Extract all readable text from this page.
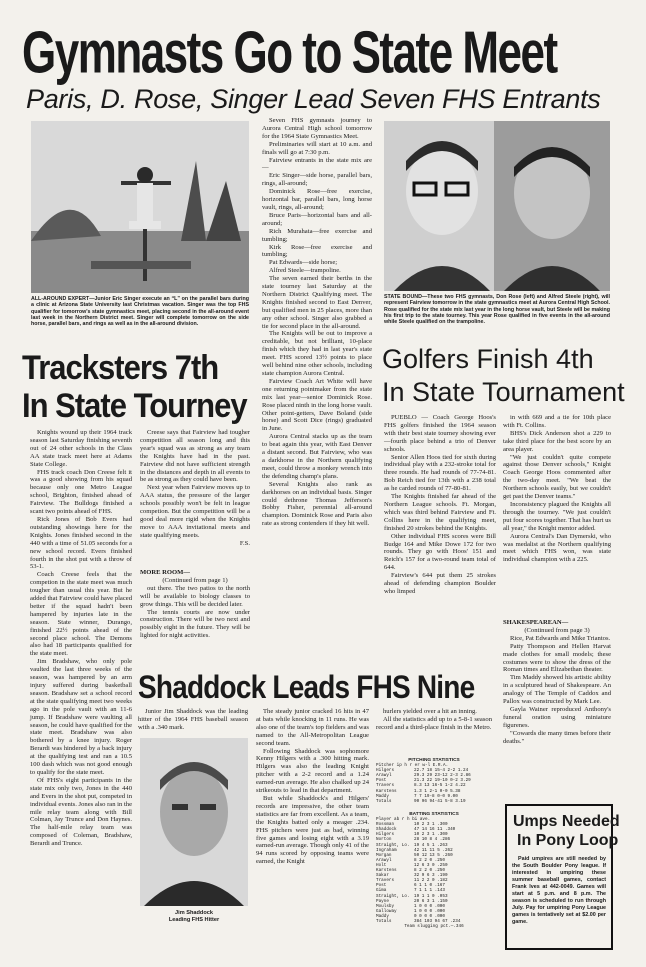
Gymnasts Go to State Meet
Paris, D. Rose, Singer Lead Seven FHS Entrants
ALL-AROUND EXPERT—Junior Eric Singer execute an “L” on the parallel bars during a clinic at Arizona State University last Christmas vacation. Singer was the top FHS qualifier for tomorrow's state gymnastics meet, placing second in the all-around event last week in the Northern District meet. Singer will complete tomorrow on the side horse, parallel bars, and rings as well as in the all-around division.

Seven FHS gymnasts journey to Aurora Central High school tomorrow for the 1964 State Gymnastics Meet.

Preliminaries will start at 10 a.m. and finals will go at 7:30 p.m.

Fairview entrants in the state mix are—

Eric Singer—side horse, parallel bars, rings, all-around;

Dominick Rose—free exercise, horizontal bar, parallel bars, long horse vault, rings, all-around;

Bruce Paris—horizontal bars and all-around;

Rich Murahata—free exercise and tumbling;

Kirk Rose—free exercise and tumbling;

Pat Edwards—side horse;

Alfred Steele—trampoline.

The seven earned their berths in the state tourney last Saturday at the Northern District Qualifying meet. The Knights finished second to East Denver, but qualified men in 25 places, more than any other school. Singer also grabbed a tie for second place in the all-around.

The Knights will be out to improve a creditable, but not brilliant, 10-place finish which they had in last year's state meet. FHS scored 13½ points to place well behind nine other schools, including state champion Aurora Central.

Fairview Coach Art White will have one returning pointmaker from the state mix last year—senior Dominick Rose. Rose placed ninth in the long horse vault. Other point-getters, Dave Boland (side horse) and Scott Dice (rings) graduated in June.

Aurora Central stacks up as the team to beat again this year, with East Denver a distant second. But Fairview, who was a darkhorse in the Northern qualifying meet, could throw a monkey wrench into the defending champ's plans.

Several Knights also rank as darkhorses on an individual basis. Singer could dethrone Thomas Jefferson's Bobby Fisher, perennial all-around champion. Dominick Rose and Paris also rate as strong contenders if they hit well.

STATE BOUND—These two FHS gymnasts, Don Rose (left) and Alfred Steele (right), will represent Fairview tomorrow in the state gymnastics meet at Aurora Central High School. Rose qualified for the state mix last year in the long horse vault, but Steele will be making his first trip to the state tourney. This year Rose qualified in five events in the all-around while Steele qualified on the trampoline.
Tracksters 7th
In State Tourney

Knights wound up their 1964 track season last Saturday finishing seventh out of 24 other schools in the Class AA state track meet here at Adams State College.

FHS track coach Don Creese felt it was a good showing from his squad because only one Metro League school, Brighton, finished ahead of Fairview. The Bulldogs finished a scant two points ahead of FHS.

Rick Jones of Bob Evers had outstanding showings here for the Knights. Jones finished second in the 440 with a time of 51.05 seconds for a new school record. Evers finished fourth in the shot put with a throw of 53-1.

Coach Creese feels that the competion in the state meet was much tougher than usual this year. But he added that Fairview could have placed better if the squad hadn't been hampered by injuries late in the season. State winner, Durango, finished 22½ points ahead of the second place school. The Demons also had 18 participants qualified for the state meet.

Jim Bradshaw, who only pole vaulted the last three weeks of the season, was hampered by an arm injury suffered during basketball season. Bradshaw set a school record at the state qualifying meet two weeks ago in the pole vault with an 11-6 jump. If Bradshaw were vaulting all season, he could have qualified for the state meet. Bradshaw was also bothered by a knee injury. Roger Berardi was hindered by a back injury at the qualifying test and ran a 10.5 100 dash which was not good enough to qualify for the state meet.

Of FHS's eight participants in the state mix only two, Jones in the 440 and Evers in the shot put, competed in individual events. Jones also ran in the mile relay team along with Bill Colman, Jay Trunce and Don Haynes. The half-mile relay team was composed of Coleman, Bradshaw, Berardi and Trunce.

Creese says that Fairview had tougher competition all season long and this year's squad was as strong as any team the Knights have had in the past. Fairview did not have sufficient strength in the distances and depth in all events to be as strong as they could have been.

Next year when Fairview moves up to AAA status, the pressure of the larger schools possibly won't be felt in league competion. But the competition will be a good deal more rigid when the Knights move to AAA invitational meets and state qualifying meets.

F.S.

MORE ROOM—

(Continued from page 1)

out there. The two patios to the north will be available to biology classes to grow things. This will be decided later.

The tennis courts are now under construction. There will be two next and possibly eight in the future. They will be lighted for night activities.

Golfers Finish 4th
In State Tournament

PUEBLO — Coach George Hoos's FHS golfers finished the 1964 season with their best state tourney showing ever—fourth place behind a trio of Denver schools.

Senior Allen Hoos tied for sixth during individual play with a 232-stroke total for three rounds. He had rounds of 77-74-81. Bob Reich tied for 13th with a 238 total as he carded rounds of 77-80-81.

The Knights finished far ahead of the Northern League schools. Ft. Morgan, which was third behind Fairview and Ft. Collins here in the qualifying meet, finished 20 strokes behind the Knights.

Other individual FHS scores were Bill Budge 164 and Mike Dowe 172 for two rounds. They go with Hoos' 151 and Reich's 157 for a two-round team total of 644.

Fairview's 644 put them 25 strokes ahead of defending champion Boulder who limped

in with 669 and a tie for 10th place with Ft. Collins.

BHS's Dick Anderson shot a 229 to take third place for the best score by an area player.

"We just couldn't quite compete against those Denver schools," Knight Coach George Hoos commented after the two-day meet. "We beat the Northern schools easily, but we couldn't get past the Denver teams."

Inconsistency plagued the Knights all through the tourney. "We just couldn't put four scores together. That has hurt us all year," the Knight mentor added.

Aurora Central's Dan Dymerski, who was medalist at the Northern qualifying meet which FHS won, was state individual champion with a 225.

SHAKESPEAREAN—

(Continued from page 3)

Rice, Pat Edwards and Mike Triantos.

Patty Thompson and Hellen Harvat made clothes for small models; these costumes were to show the dress of the Roman times and Elizabethan theater.

Tim Maddy showed his artistic ability in a sculptured head of Shakespeare. An analogy of The Temple of Caddox and Pallox was constructed by Mark Lee.

Gayla Wainer reproduced Anthony's funeral oration using miniature figurenes.

"Cowards die many times before their deaths."

Shaddock Leads FHS Nine

Junior Jim Shaddock was the leading hitter of the 1964 FHS baseball season with a .340 mark.

Jim Shaddock
Leading FHS Hitter

The steady junior cracked 16 hits in 47 at bats while knocking in 11 runs. He was also one of the team's top fielders and was named to the All-Metropolitan League second team.

Following Shaddock was sophomore Kenny Hilgers with a .300 hitting mark. Hilgers was also the leading Knight pitcher with a 2-2 record and a 1.24 earned-run average. He also chalked up 24 strikeouts to lead in that department.

But while Shaddock's and Hilgers' records are impressive, the other team statistics are far from excellent. As a team, the Knights batted only a meager .234. FHS pitchers were just as bad, winning five games and losing eight with a 3.19 earned-run average. Though only 41 of the 94 runs scored by opposing teams were earned, the Knight

hurlers yielded over a hit an inning.

All the statistics add up to a 5-8-1 season record and a third-place finish in the Metro.

PITCHING STATISTICS
Pitcher ip h r er w-l E.R.A.
Hilgers	22.7 18 15-4 2-2 1.24
Arawyl	29.3 29 23-12 2-3 2.86
Post	21.3 22 19-10 0-2 3.29
Travers	8.3 13 16-5 1-2 4.22
Karstens	1.3 1 2-1 0-0 5.38
Maddy	7 7 19-8 0-0 9.00
Totals	90 96 94-41 5-8 3.19
BATTING STATISTICS
Player ab r h bi ave.
Rossman	10 2 3 1 .300
Shaddock	47 14 16 11 .340
Hilgers	10 2 3 1 .300
Norton	28 10 8 4 .286
Straight, Lo.	19 4 5 1 .263
Ingraham	42 11 11 5 .262
Morgan	50 12 13 5 .260
Arawyl	8 2 2 0 .250
Holt	12 6 3 0 .250
Karstens	8 2 2 0 .250
Sakar	32 9 6 3 .190
Travers	11 2 2 0 .182
Post	6 1 1 0 .167
Gima	7 1 1 1 .143
Straight, Lo.	19 1 1 0 .053
Payne	20 6 3 1 .150
Moulsby	1 0 0 0 .000
Galloway	1 0 0 0 .000
Maddy	0 0 0 0 .000
Totals	384 103 94 67 .234
Team slugging pct.—.346
Umps Needed
In Pony Loop
Paid umpires are still needed by the South Boulder Pony league. If interested in umpiring these summer baseball games, contact Frank Ives at 442-0049. Games will start at 5 p.m. and 8 p.m. The season is scheduled to run through July. Pay for umpiring Pony League games is tentatively set at $2.00 per game.
